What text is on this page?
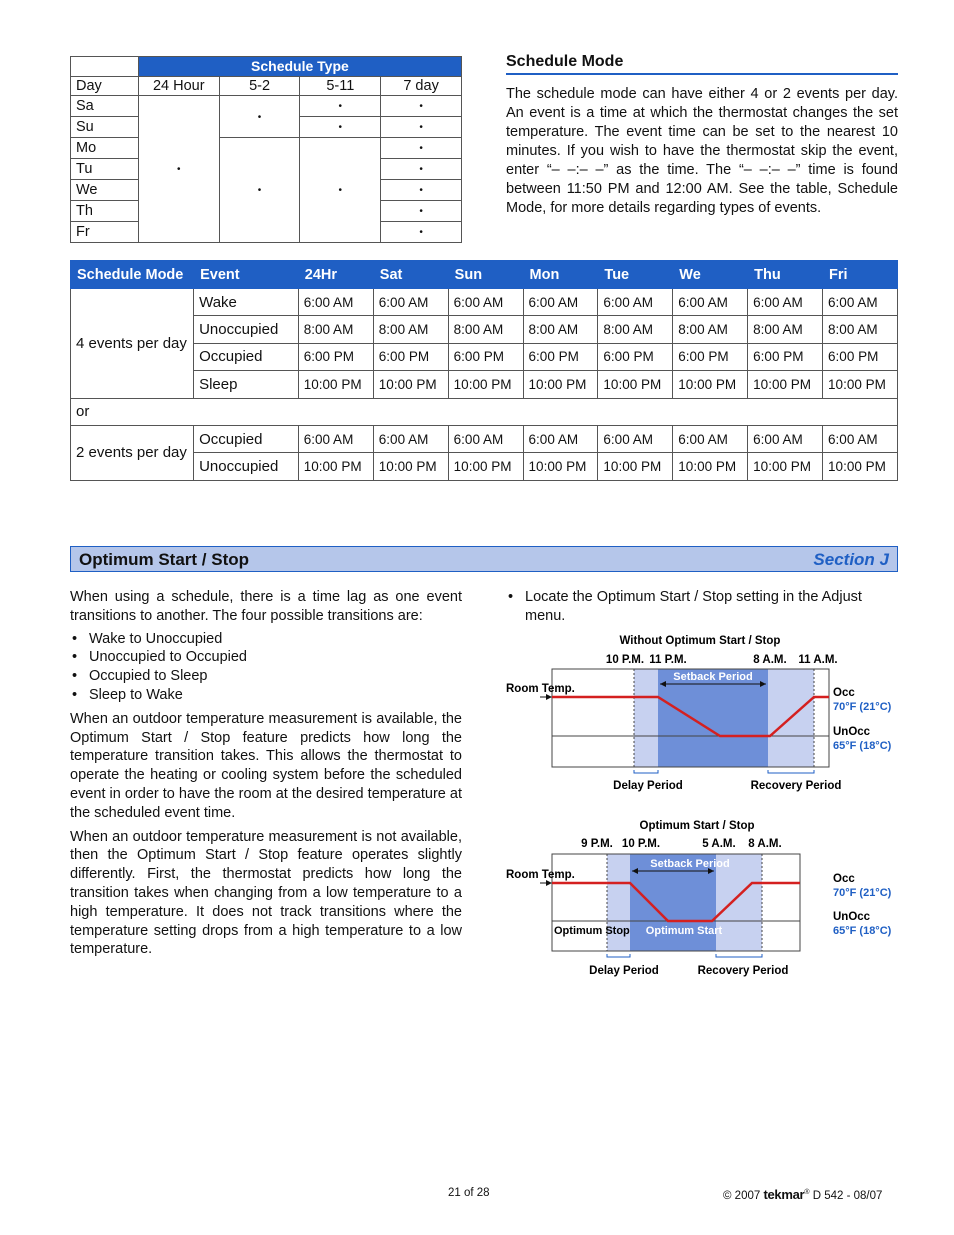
	Schedule Type			
Day	24 Hour	5-2	5-11	7 day
Sa	•	•	•	•
Su			•	•
Mo		•	•	•
Tu				•
We				•
Th				•
Fr				•
Schedule Mode
The schedule mode can have either 4 or 2 events per day. An event is a time at which the thermostat changes the set temperature. The event time can be set to the nearest 10 minutes. If you wish to have the thermostat skip the event, enter “– –:– –” as the time. The “– –:– –” time is found between 11:50 PM and 12:00 AM. See the table, Schedule Mode, for more details regarding types of events.
Schedule Mode	Event	24Hr	Sat	Sun	Mon	Tue	We	Thu	Fri
4 events per day	Wake	6:00 AM	6:00 AM	6:00 AM	6:00 AM	6:00 AM	6:00 AM	6:00 AM	6:00 AM
	Unoccupied	8:00 AM	8:00 AM	8:00 AM	8:00 AM	8:00 AM	8:00 AM	8:00 AM	8:00 AM
	Occupied	6:00 PM	6:00 PM	6:00 PM	6:00 PM	6:00 PM	6:00 PM	6:00 PM	6:00 PM
	Sleep	10:00 PM	10:00 PM	10:00 PM	10:00 PM	10:00 PM	10:00 PM	10:00 PM	10:00 PM
or									
2 events per day	Occupied	6:00 AM	6:00 AM	6:00 AM	6:00 AM	6:00 AM	6:00 AM	6:00 AM	6:00 AM
	Unoccupied	10:00 PM	10:00 PM	10:00 PM	10:00 PM	10:00 PM	10:00 PM	10:00 PM	10:00 PM
Optimum Start / Stop	Section J
When using a schedule, there is a time lag as one event transitions to another. The four possible transitions are:
• Wake to Unoccupied
• Unoccupied to Occupied
• Occupied to Sleep
• Sleep to Wake
When an outdoor temperature measurement is available, the Optimum Start / Stop feature predicts how long the temperature transition takes. This allows the thermostat to operate the heating or cooling system before the scheduled event in order to have the room at the desired temperature at the scheduled event time.
When an outdoor temperature measurement is not available, then the Optimum Start / Stop feature operates slightly differently. First, the thermostat predicts how long the transition takes when changing from a low temperature to a high temperature. It does not track transitions where the temperature setting drops from a high temperature to a low temperature.
• Locate the Optimum Start / Stop setting in the Adjust menu.
Without Optimum Start / Stop
10 P.M. 11 P.M.	8 A.M. 11 A.M.
Setback Period
Room Temp.	Occ
70°F (21°C)
UnOcc
65°F (18°C)
Delay Period	Recovery Period
Optimum Start / Stop
9 P.M. 10 P.M.	5 A.M. 8 A.M.
Setback Period
Room Temp.
Optimum Stop Optimum Start
Occ
70°F (21°C)
UnOcc
65°F (18°C)
Delay Period	Recovery Period
21 of 28	© 2007 tekmar® D 542 - 08/07
